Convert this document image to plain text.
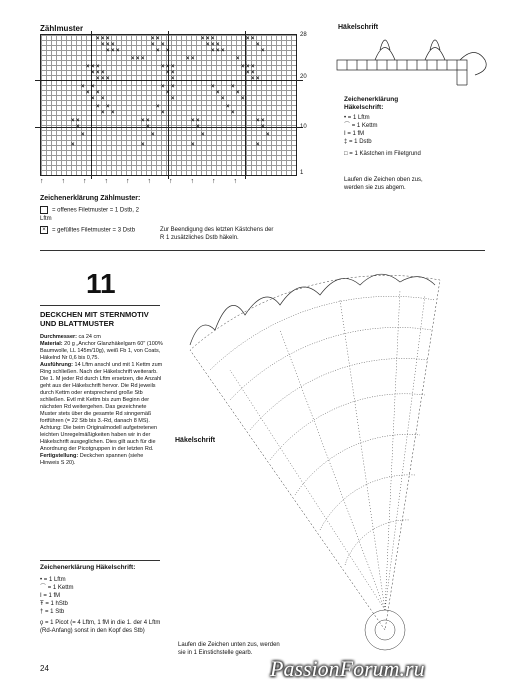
Zählmuster
× × ×	× ×	× × ×	× ×
× × ×	× ×	× × ×	×
× × ×	× ×	× × ×	×
× × ×	× ×	×
× × ×	× × ×	× × ×
× × ×	× ×	× ×
× × ×	×	× ×
× ×	× ×	×	×
× ×	×	×	×
× ×	×	×	×
× ×	×	×
× ×	×	×
× ×	× ×	× ×	× ×
×	×	×	×
×	×	×	×
×	×	×	×
28
20
10
1
↑↑↑↑↑↑↑↑↑↑
Zeichenerklärung Zählmuster:
= offenes Filetmuster = 1 Dstb, 2 Lftm
× = gefülltes Filetmuster = 3 Dstb	Zur Beendigung des letzten Kästchens der R 1 zusätzliches Dstb häkeln.
Häkelschrift
Zeichenerklärung Häkelschrift:
• = 1 Lftm
⌒ = 1 Kettm
I = 1 fM
‡ = 1 Dstb
□ = 1 Kästchen im Filetgrund
Laufen die Zeichen oben zus, werden sie zus abgem.
11
DECKCHEN MIT STERNMOTIV UND BLATTMUSTER
Durchmesser: ca 24 cm
Material: 20 g „Anchor Glanzhäkelgarn 60" (100% Baumwolle, LL 145m/10g), weiß Fb 1, von Coats, Häkelnd Nr 0,6 bis 0,75.
Ausführung: 14 Lftm anschl und mit 1 Kettm zum Ring schließen. Nach der Häkelschrift weiterarb. Die 1. M jeder Rd durch Lftm ersetzen, die Anzahl geht aus der Häkelschrift hervor. Die Rd jeweils durch Kettm oder entsprechend große Stb schließen. Evtl mit Kettm bis zum Beginn der nächsten Rd weitergehen. Das gezeichnete Muster stets über die gesamte Rd sinngemäß fortführen (= 22 Stb bis 3.-Rd, danach 8 MS). Achtung: Die beim Originalmodell aufgetretenen leichten Unregelmäßigkeiten haben wir in der Häkelschrift ausgeglichen. Dies gilt auch für die Anordnung der Picotgruppen in der letzten Rd.
Fertigstellung: Deckchen spannen (siehe Hinweis S 20).
Häkelschrift
Zeichenerklärung Häkelschrift:
• = 1 Lftm
⌒ = 1 Kettm
I = 1 fM
Ŧ = 1 hStb
† = 1 Stb
ϙ = 1 Picot (= 4 Lftm, 1 fM in die 1. der 4 Lftm (Rd-Anfang) sonst in den Kopf des Stb)
Laufen die Zeichen unten zus, werden sie in 1 Einstichstelle gearb.
24	PassionForum.ru
